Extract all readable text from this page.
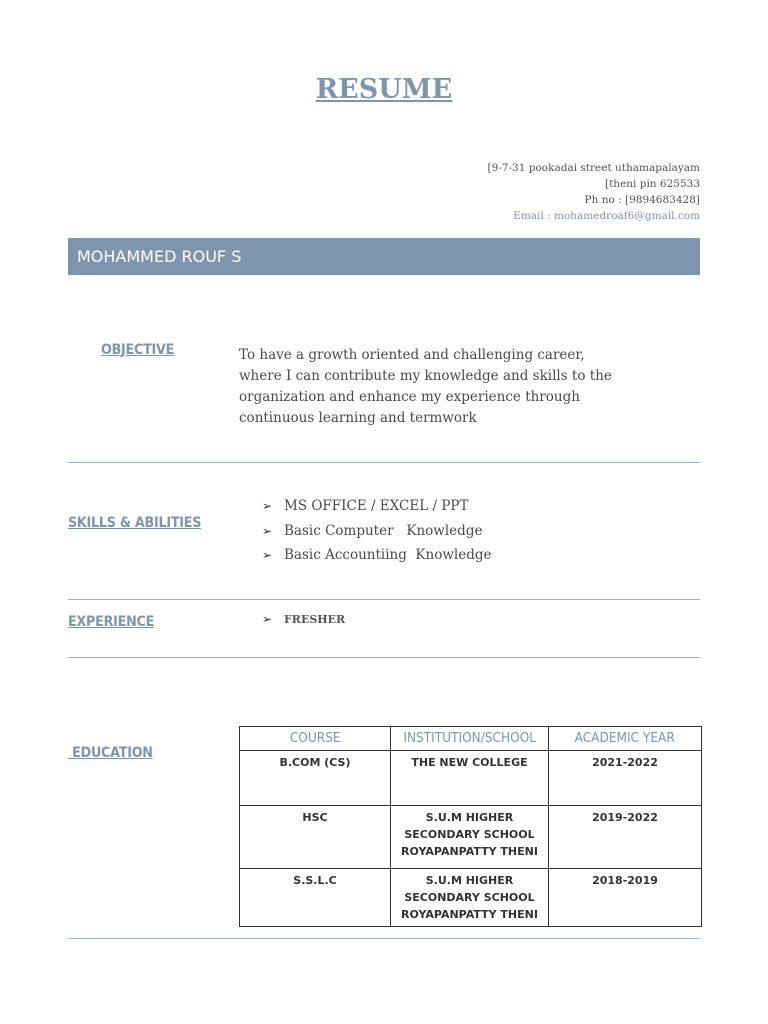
RESUME
[9-7-31 pookadai street uthamapalayam
[theni pin 625533
Ph no : [9894683428]
Email : mohamedroaf6@gmail.com
MOHAMMED ROUF S
OBJECTIVE	To have a growth oriented and challenging career, where I can contribute my knowledge and skills to the organization and enhance my experience through continuous learning and termwork
SKILLS & ABILITIES
➢ MS OFFICE / EXCEL / PPT
➢ Basic Computer   Knowledge
➢ Basic Accountiing  Knowledge
EXPERIENCE	➢	FRESHER
EDUCATION
COURSE	INSTITUTION/SCHOOL	ACADEMIC YEAR
B.COM (CS)	THE NEW COLLEGE	2021-2022
HSC	S.U.M HIGHER SECONDARY SCHOOL ROYAPANPATTY THENI	2019-2022
S.S.L.C	S.U.M HIGHER SECONDARY SCHOOL ROYAPANPATTY THENI	2018-2019
